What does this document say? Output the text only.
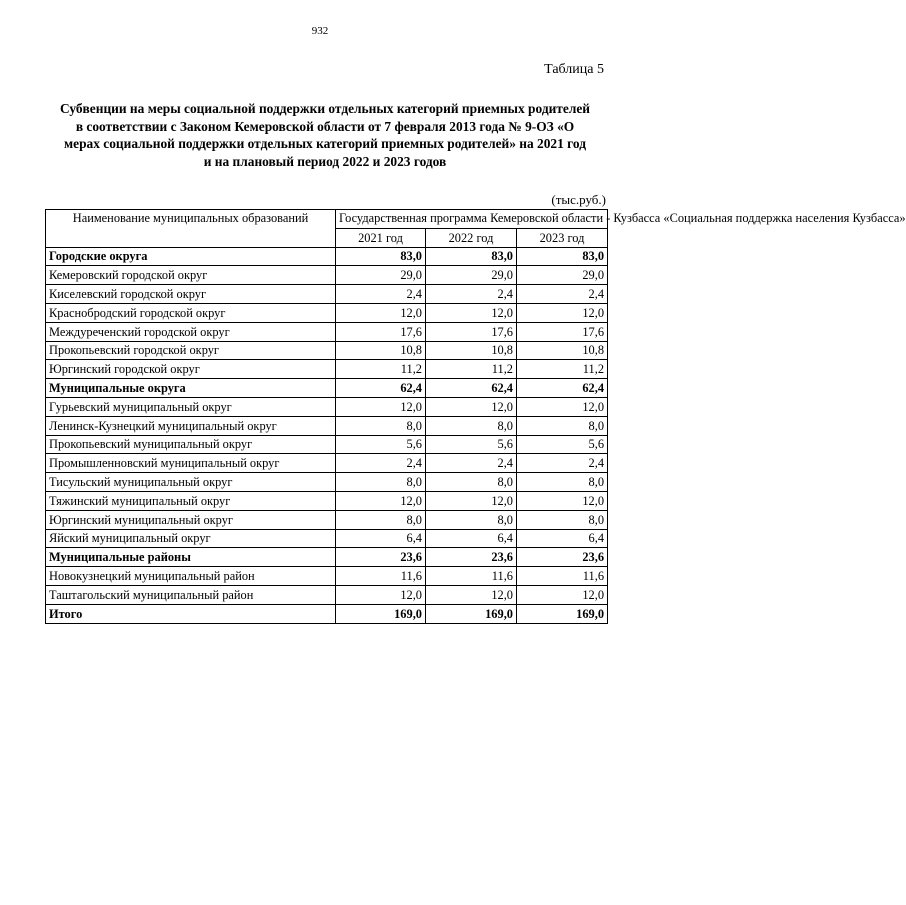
932
Таблица 5
Субвенции на меры социальной поддержки отдельных категорий приемных родителей
в соответствии с Законом Кемеровской области от 7 февраля 2013 года № 9-ОЗ «О
мерах социальной поддержки отдельных категорий приемных родителей» на 2021 год
и на плановый период 2022 и 2023 годов
(тыс.руб.)
Наименование муниципальных образований	Государственная программа Кемеровской области - Кузбасса «Социальная поддержка населения Кузбасса»		
	2021 год	2022 год	2023 год
Городские округа	83,0	83,0	83,0
Кемеровский городской округ	29,0	29,0	29,0
Киселевский городской округ	2,4	2,4	2,4
Краснобродский городской округ	12,0	12,0	12,0
Междуреченский городской округ	17,6	17,6	17,6
Прокопьевский городской округ	10,8	10,8	10,8
Юргинский городской округ	11,2	11,2	11,2
Муниципальные округа	62,4	62,4	62,4
Гурьевский муниципальный округ	12,0	12,0	12,0
Ленинск-Кузнецкий муниципальный округ	8,0	8,0	8,0
Прокопьевский муниципальный округ	5,6	5,6	5,6
Промышленновский муниципальный округ	2,4	2,4	2,4
Тисульский муниципальный округ	8,0	8,0	8,0
Тяжинский муниципальный округ	12,0	12,0	12,0
Юргинский муниципальный округ	8,0	8,0	8,0
Яйский муниципальный округ	6,4	6,4	6,4
Муниципальные районы	23,6	23,6	23,6
Новокузнецкий муниципальный район	11,6	11,6	11,6
Таштагольский муниципальный район	12,0	12,0	12,0
Итого	169,0	169,0	169,0
